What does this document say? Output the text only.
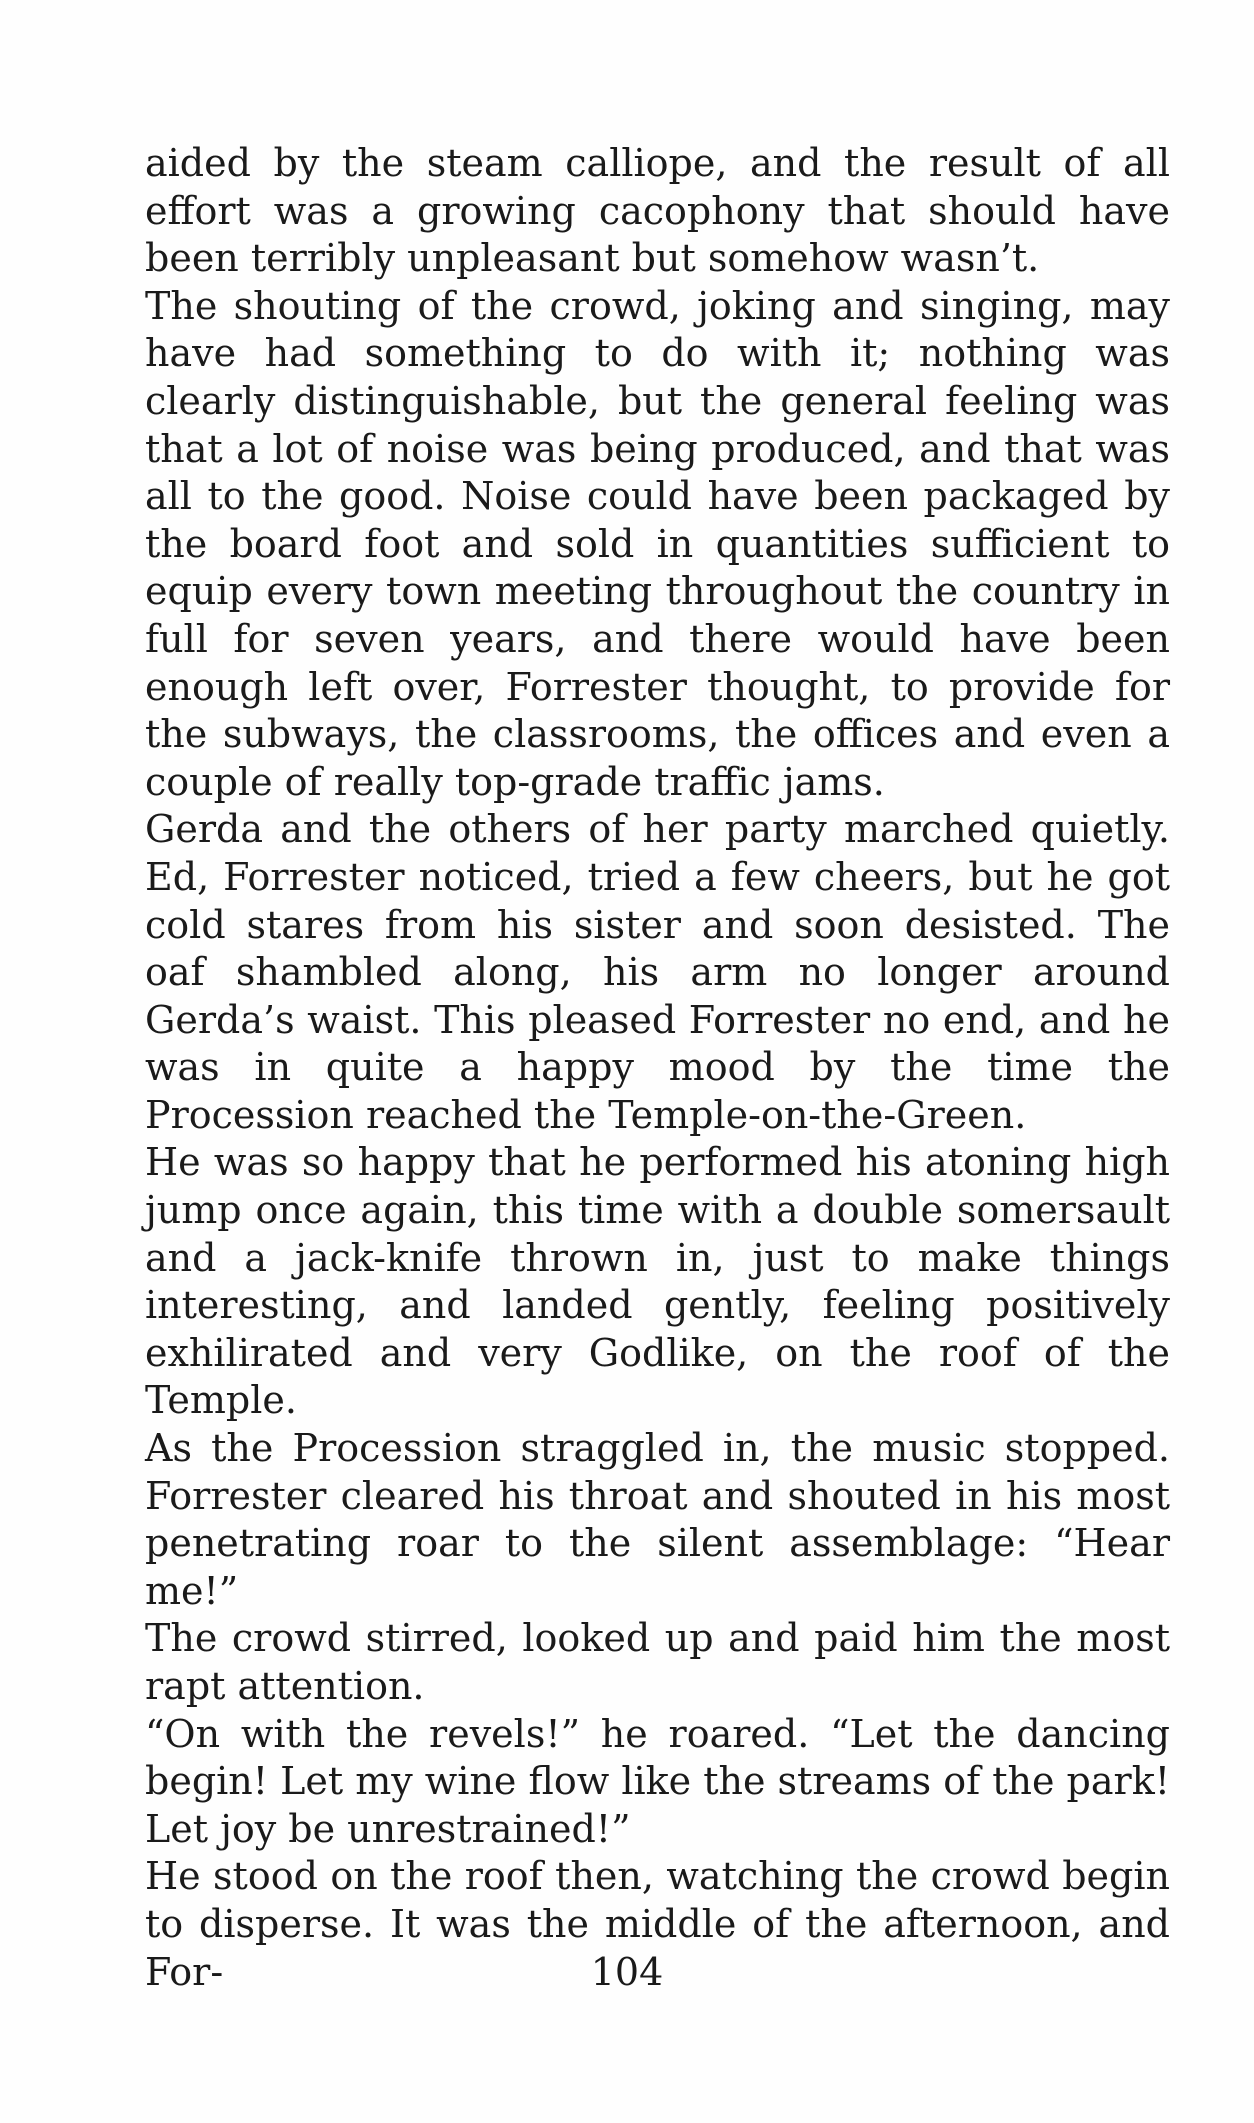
aided by the steam calliope, and the result of all effort was a growing cacophony that should have been terribly unpleasant but somehow wasn’t.

The shouting of the crowd, joking and singing, may have had something to do with it; nothing was clearly distinguishable, but the general feeling was that a lot of noise was being produced, and that was all to the good. Noise could have been packaged by the board foot and sold in quantities sufficient to equip every town meeting throughout the country in full for seven years, and there would have been enough left over, Forrester thought, to provide for the subways, the classrooms, the offices and even a couple of really top-grade traffic jams.

Gerda and the others of her party marched quietly. Ed, Forrester noticed, tried a few cheers, but he got cold stares from his sister and soon desisted. The oaf shambled along, his arm no longer around Gerda’s waist. This pleased Forrester no end, and he was in quite a happy mood by the time the Procession reached the Temple-on-the-Green.

He was so happy that he performed his atoning high jump once again, this time with a double somersault and a jack-knife thrown in, just to make things interesting, and landed gently, feeling positively exhilirated and very Godlike, on the roof of the Temple.

As the Procession straggled in, the music stopped. Forrester cleared his throat and shouted in his most penetrating roar to the silent assemblage: “Hear me!”

The crowd stirred, looked up and paid him the most rapt attention.

“On with the revels!” he roared. “Let the dancing begin! Let my wine flow like the streams of the park! Let joy be unrestrained!”

He stood on the roof then, watching the crowd begin to disperse. It was the middle of the afternoon, and For-	104
